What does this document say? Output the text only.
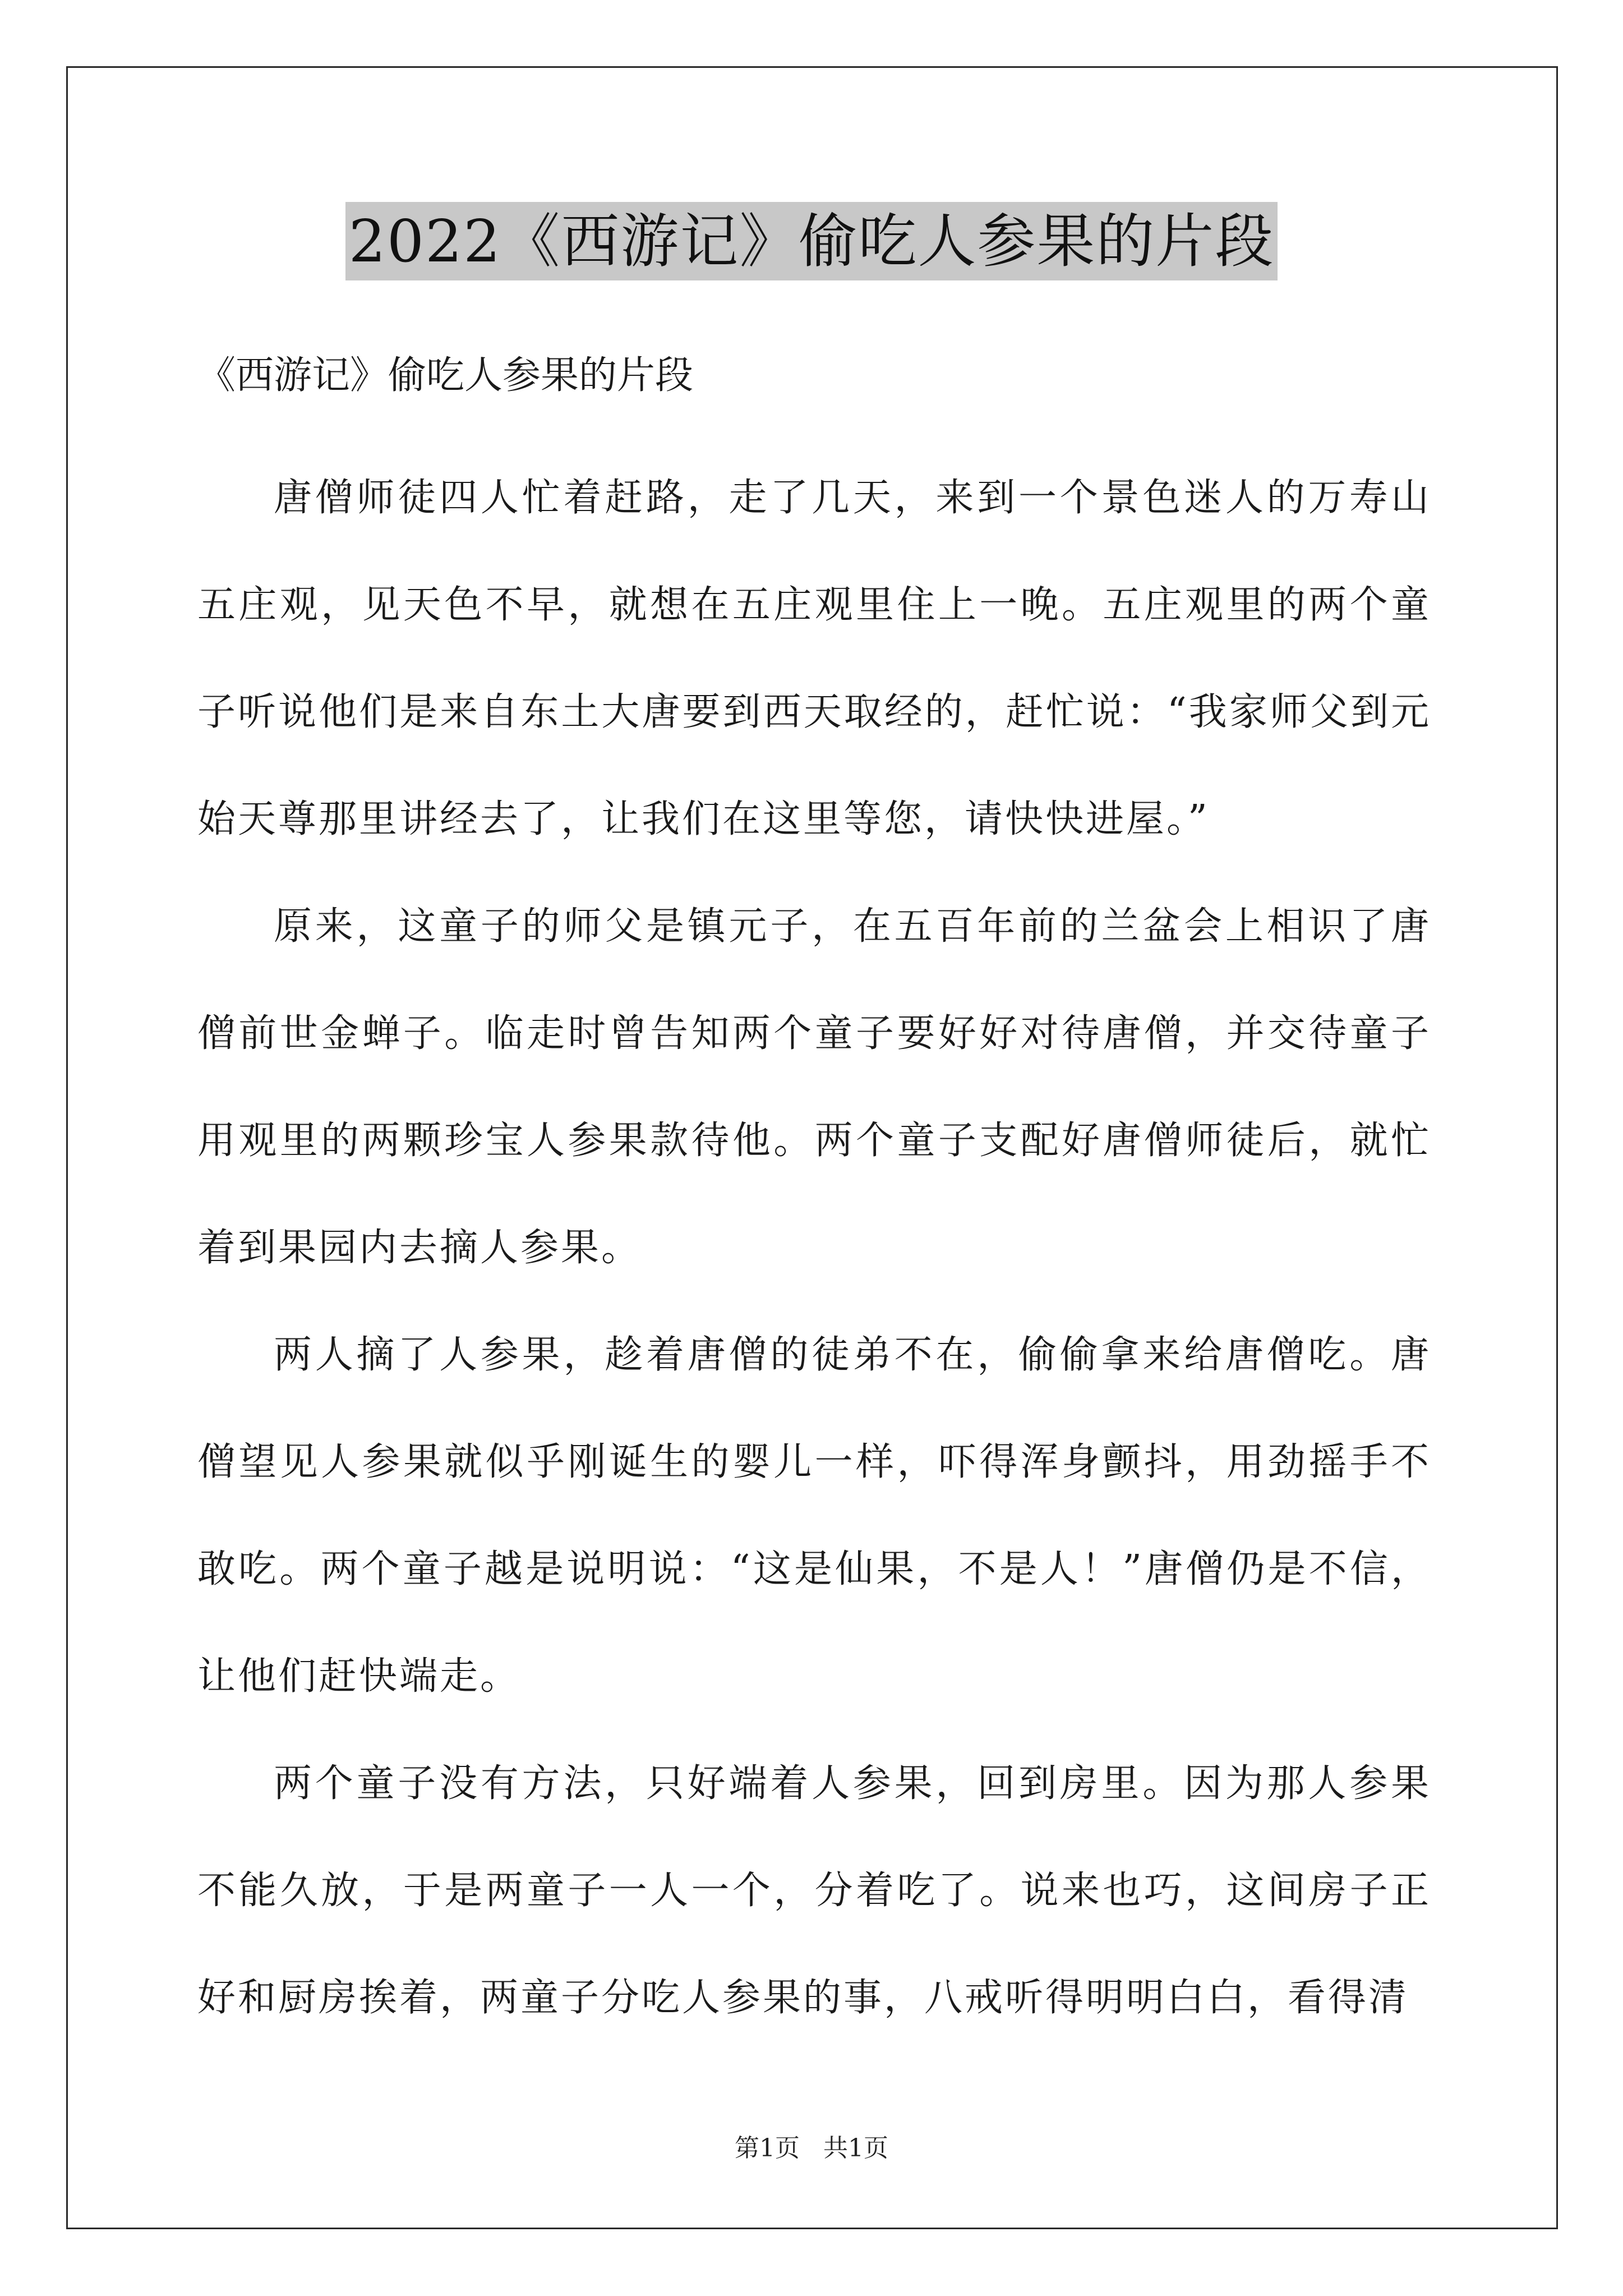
2022《西游记》偷吃人参果的片段
《西游记》偷吃人参果的片段

唐僧师徒四人忙着赶路，走了几天，来到一个景色迷人的万寿山五庄观，见天色不早，就想在五庄观里住上一晚。五庄观里的两个童子听说他们是来自东土大唐要到西天取经的，赶忙说：“我家师父到元始天尊那里讲经去了，让我们在这里等您，请快快进屋。”

原来，这童子的师父是镇元子，在五百年前的兰盆会上相识了唐僧前世金蝉子。临走时曾告知两个童子要好好对待唐僧，并交待童子用观里的两颗珍宝人参果款待他。两个童子支配好唐僧师徒后，就忙着到果园内去摘人参果。

两人摘了人参果，趁着唐僧的徒弟不在，偷偷拿来给唐僧吃。唐僧望见人参果就似乎刚诞生的婴儿一样，吓得浑身颤抖，用劲摇手不敢吃。两个童子越是说明说：“这是仙果，不是人！”唐僧仍是不信，让他们赶快端走。

两个童子没有方法，只好端着人参果，回到房里。因为那人参果不能久放，于是两童子一人一个，分着吃了。说来也巧，这间房子正好和厨房挨着，两童子分吃人参果的事，八戒听得明明白白，看得清

第1页 共1页
